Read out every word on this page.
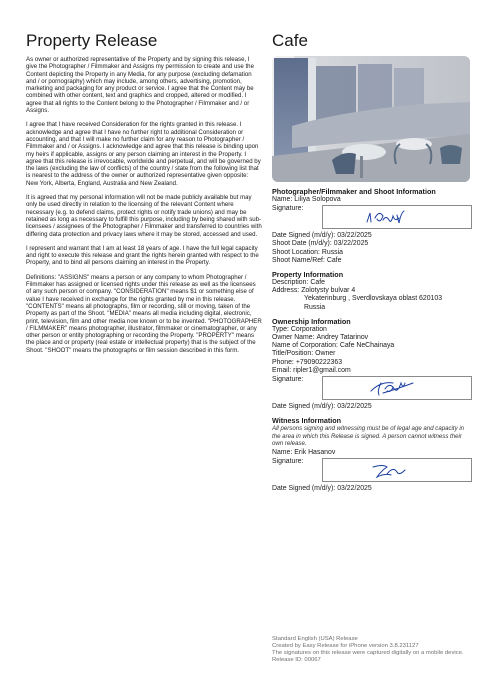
Property Release

As owner or authorized representative of the Property and by signing this release, I give the Photographer / Filmmaker and Assigns my permission to create and use the Content depicting the Property in any Media, for any purpose (excluding defamation and / or pornography) which may include, among others, advertising, promotion, marketing and packaging for any product or service. I agree that the Content may be combined with other content, text and graphics and cropped, altered or modified. I agree that all rights to the Content belong to the Photographer / Filmmaker and / or Assigns.

I agree that I have received Consideration for the rights granted in this release. I acknowledge and agree that I have no further right to additional Consideration or accounting, and that I will make no further claim for any reason to Photographer / Filmmaker and / or Assigns. I acknowledge and agree that this release is binding upon my heirs if applicable, assigns or any person claiming an interest in the Property. I agree that this release is irrevocable, worldwide and perpetual, and will be governed by the laws (excluding the law of conflicts) of the country / state from the following list that is nearest to the address of the owner or authorized representative given opposite: New York, Alberta, England, Australia and New Zealand.

It is agreed that my personal information will not be made publicly available but may only be used directly in relation to the licensing of the relevant Content where necessary (e.g. to defend claims, protect rights or notify trade unions) and may be retained as long as necessary to fulfill this purpose, including by being shared with sub-licensees / assignees of the Photographer / Filmmaker and transferred to countries with differing data protection and privacy laws where it may be stored, accessed and used.

I represent and warrant that I am at least 18 years of age. I have the full legal capacity and right to execute this release and grant the rights herein granted with respect to the Property, and to bind all persons claiming an interest in the Property.

Definitions: "ASSIGNS" means a person or any company to whom Photographer / Filmmaker has assigned or licensed rights under this release as well as the licensees of any such person or company. "CONSIDERATION" means $1 or something else of value I have received in exchange for the rights granted by me in this release. "CONTENTS" means all photographs, film or recording, still or moving, taken of the Property as part of the Shoot. "MEDIA" means all media including digital, electronic, print, television, film and other media now known or to be invented. "PHOTOGRAPHER / FILMMAKER" means photographer, illustrator, filmmaker or cinematographer, or any other person or entity photographing or recording the Property. "PROPERTY" means the place and or property (real estate or intellectual property) that is the subject of the Shoot. "SHOOT" means the photographs or film session described in this form.

Cafe

Photographer/Filmmaker and Shoot Information

Name: Liliya Solopova

Signature:

Date Signed (m/d/y): 03/22/2025

Shoot Date (m/d/y): 03/22/2025

Shoot Location: Russia

Shoot Name/Ref: Cafe

Property Information

Description: Cafe

Address: Zolotysty bulvar 4

Yekaterinburg , Sverdlovskaya oblast 620103

Russia

Ownership Information

Type: Corporation

Owner Name: Andrey Tatarinov

Name of Corporation: Cafe NeChainaya

Title/Position: Owner

Phone: +79090222363

Email: ripler1@gmail.com

Signature:

Date Signed (m/d/y): 03/22/2025

Witness Information

All persons signing and witnessing must be of legal age and capacity in the area in which this Release is signed. A person cannot witness their own release.

Name: Erik Hasanov

Signature:

Date Signed (m/d/y): 03/22/2025

Standard English (USA) Release

Created by Easy Release for iPhone version 3.8.231127

The signatures on this release were captured digitally on a mobile device.

Release ID: 00067
